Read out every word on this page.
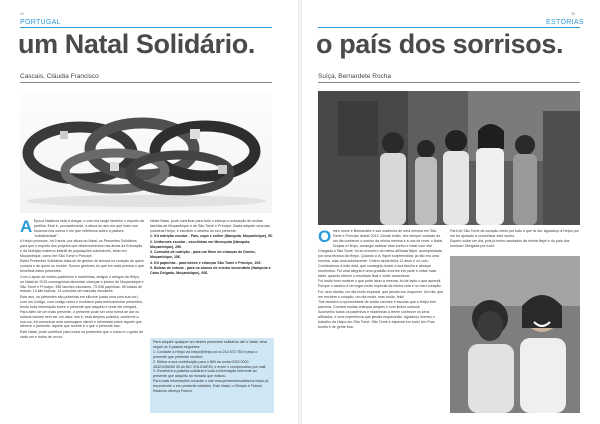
34
PORTUGAL
um Natal Solidário.
Cascais, Cláudia Francisco
A Época Natalícia está a chegar, e com ela surge também o espírito da partilha. Este é, provavelmente, a altura do ano em que mais nos focamos nos outros e em que refletimos sobre a palavra "solidariedade".

A Helpo promove, há 9 anos, por altura do Natal, os Presentes Solidários para que o espírito dos projetos que desenvolvemos nas áreas da Educação e da Nutrição materno-infantil de populações vulneráveis, tanto em Moçambique, como em São Tomé e Príncipe.

Estes Presentes Solidários trata-se de gestos de ternura no coração de quem compra e de quem os recebe. Somos gestores do que em mais precisa o que beneficia estes presentes.

Com o apoio de muitos padrinhos e madrinhas, amigos e amigos da Helpo, no Natal de 2015 conseguimos alimentar crianças e jovens de Moçambique e São Tomé e Príncipe: 398 lanches escolares, 73.936 papinhas, 98 bolsas de estudo, 14 kits lúdicos, 14 coleções de manuais escolares.

Este ano, os presentes são pulseiras em silicone (cada uma com sua cor) com um Código, com código único e exclusivo para reencaminhar presentes, tendo toda informação sobre o presente que adquiriu e onde ele chegará. Para além de um mais presente, o presente pode ser uma forma de dar os nossos valores sem ser um valor, isto é, esta simples pulseira, conforme a sua cor, irá comunicar uma mensagem visível e informada sobre aquele que oferece o presente, aquele que recebe e o que o presente traz.

Este Natal, pode contribuir para todos os presentes que o nosso é o gesto de cada um e todos de um só.

Neste Natal, pode contribuir para todo o esforço e educação de muitas famílias de Moçambique e de São Tomé e Príncipe. Basta adquirir uma das pulseiras Helpo, e escolher o destino do seu presente:

1. Kit nutrição escolar - Pais, copo e colher (Nampula, Moçambique), 5€.

2. Uniformes escolar - escolinhas em Morrupula (Nampula, Moçambique), 25€.

3. Consulta de nutrição - para um filme de crianças de Dondo, Moçambique, 15€.

4. Kit papinhas - para bebés e crianças São Tomé e Príncipe, 10€.

5. Bolsas de estudo - para os alunos de ensino secundário (Nampula e Cabo Delgado, Moçambique), 60€.

Para adquirir qualquer um destes presentes solidários até o Natal, deve seguir os 3 passos seguintes:

1. Contacte a Helpo via helpo@helpo.pt ou 214 573 760 e peça o presente que pretende receber;

2. Efetue a sua contribuição para o NIB da conta 0033 0000 45321006050 05 do BIC SOLIDÁRIO, e envie o comprovativo por mail;

3. Receberá a pulseira solidária e toda a informação referente ao presente que adquiriu na morada que indicou.

Para mais informações consulte o site www.presentessolidarios.helpo.pt, encomende o seu presente solidário. Este Natal, o Olímpio é Futuro! Estamos ofereça Futuro!

35
ESTÓRIAS
o país dos sorrisos.
Suíça, Bernardete Rocha
O meu nome é Bernardete e sou madrinha de uma menina em São Tomé e Príncipe desde 2013. Desde então, tive sempre vontade de um dia conhecer o sorriso da minha menina e a nós de rever o Natal. Graças a Helpo, consegui realizar este sonho e estar com ela!

Chegada a São Tomé, fui ao encontro da minha afilhada Nejel, acompanhada por uma técnica da Helpo. Quando a vi, fiquei surpreendida: já não era uma menina, mas uma adolescente. Ontem ainda tinha 12 anos e no colo. Conhecemos a mãe dela, que conseguiu trazer a sua família e abraçar momentos. Fui uma alegria e uma gratidão enorme em partir e voltar mais tarde, quando ofereci o resultado final e voltei amanhecer.

Foi muito bom mostrar o que pode fazer a mesma, foi de facto o que aprendi. Porque o carinho é um lugar muito especial da minha vida e no meu coração.

Foi, sem dúvida, um dia muito especial, que jamais vou esquecer. Um dia, que me enchem o coração, um dia muito, mas muito, feliz!

Tive também a oportunidade de visitar creches e escolas que a Helpo tem parceria. Conheci muitas crianças alegres e com lindos sorrisos.

Aconselho todos os padrinhos e madrinhas a terem conhecer os seus afilhados, é uma experiência que jamais esquecerão. Agradeço imenso o trabalho da Helpo em São Tomé. São Tomé é especial em tudo! Um País bonito e de gente boa.

Parti de São Tomé de coração cheio por tudo o que lá vivi. Agradeço à Helpo por me ter ajudado a concretizar este sonho.

Espero voltar um dia, pois já tenho saudades da minha Nejel e do país dos sorrisos! Obrigada por tudo!
